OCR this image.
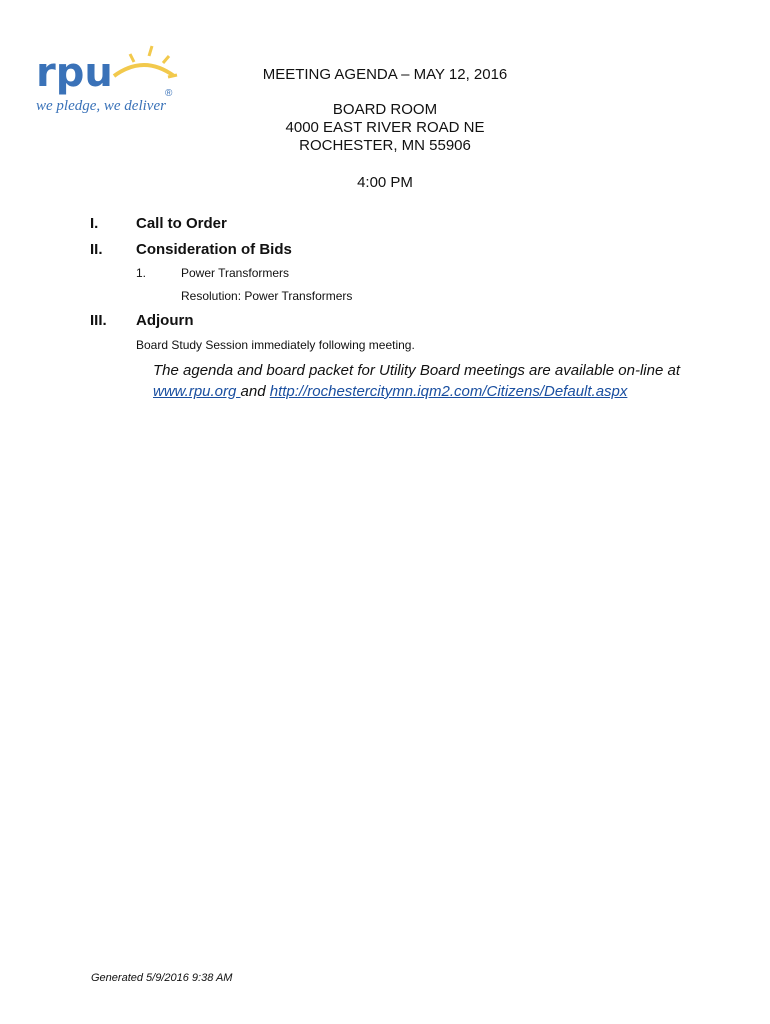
rpu	®
we pledge, we deliver
MEETING AGENDA – MAY 12, 2016
BOARD ROOM
4000 EAST RIVER ROAD NE
ROCHESTER, MN 55906
4:00 PM
I.	Call to Order
II. Consideration of Bids
1.	Power Transformers
Resolution: Power Transformers
III. Adjourn
Board Study Session immediately following meeting.
The agenda and board packet for Utility Board meetings are available on-line at
www.rpu.org and http://rochestercitymn.iqm2.com/Citizens/Default.aspx
Generated 5/9/2016 9:38 AM
